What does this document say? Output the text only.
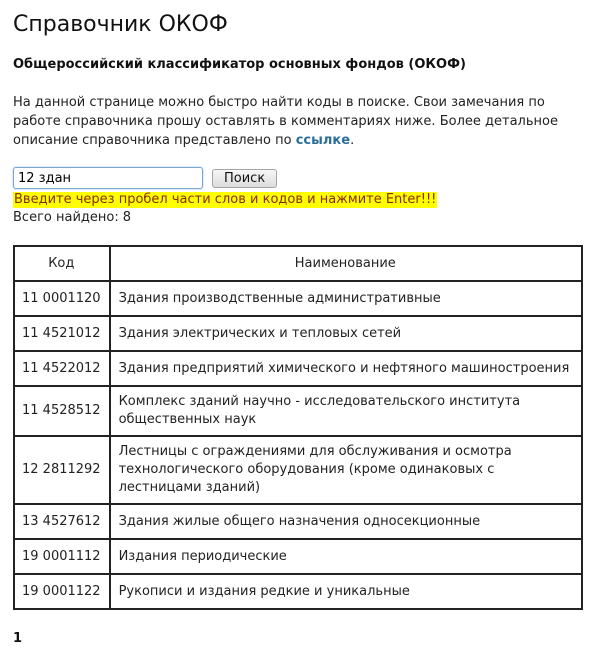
Справочник ОКОФ

Общероссийский классификатор основных фондов (ОКОФ)

На данной странице можно быстро найти коды в поиске. Свои замечания по работе справочника прошу оставлять в комментариях ниже. Более детальное описание справочника представлено по ссылке.

12 здан
Поиск
Введите через пробел части слов и кодов и нажмите Enter!!!
Всего найдено: 8
Код	Наименование
11 0001120	Здания производственные административные
11 4521012	Здания электрических и тепловых сетей
11 4522012	Здания предприятий химического и нефтяного машиностроения
11 4528512	Комплекс зданий научно - исследовательского института общественных наук
12 2811292	Лестницы с ограждениями для обслуживания и осмотра технологического оборудования (кроме одинаковых с лестницами зданий)
13 4527612	Здания жилые общего назначения односекционные
19 0001112	Издания периодические
19 0001122	Рукописи и издания редкие и уникальные
1
